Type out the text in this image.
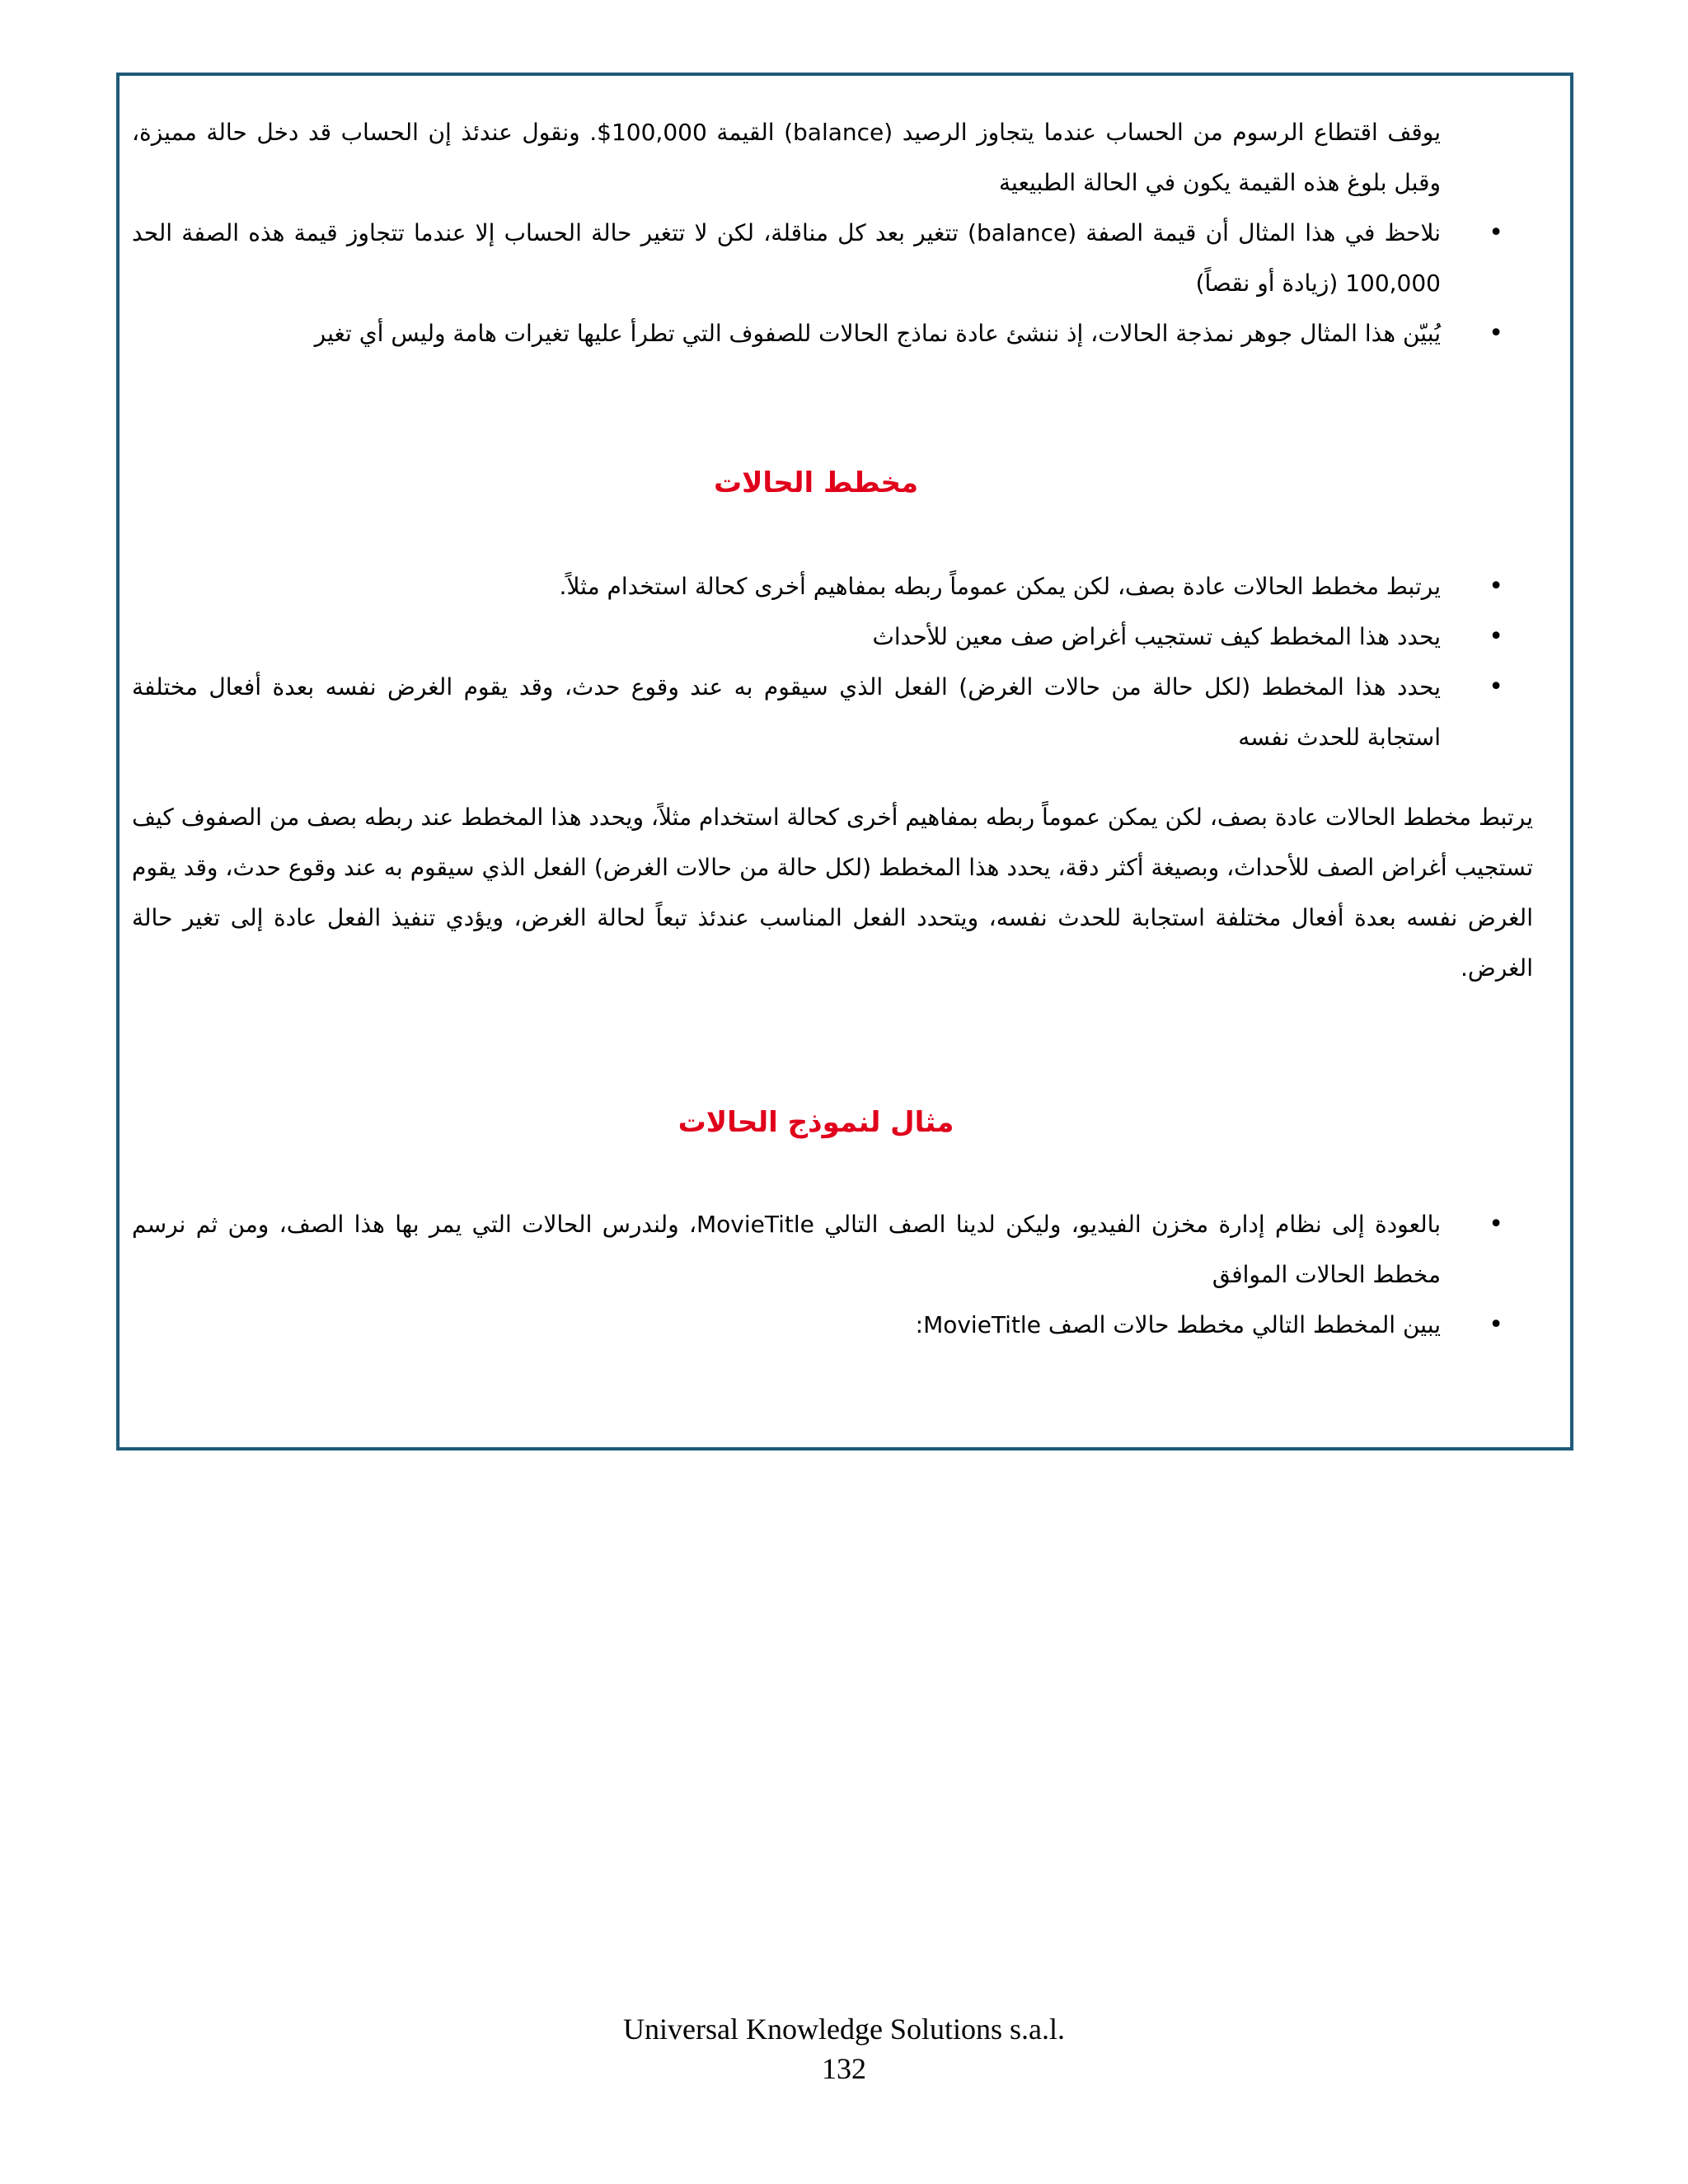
يوقف اقتطاع الرسوم من الحساب عندما يتجاوز الرصيد (balance) القيمة 100,000$. ونقول عندئذ إن الحساب قد دخل حالة مميزة، وقبل بلوغ هذه القيمة يكون في الحالة الطبيعية

• نلاحظ في هذا المثال أن قيمة الصفة (balance) تتغير بعد كل مناقلة، لكن لا تتغير حالة الحساب إلا عندما تتجاوز قيمة هذه الصفة الحد 100,000 (زيادة أو نقصاً)
• يُبيّن هذا المثال جوهر نمذجة الحالات، إذ ننشئ عادة نماذج الحالات للصفوف التي تطرأ عليها تغيرات هامة وليس أي تغير
مخطط الحالات
• يرتبط مخطط الحالات عادة بصف، لكن يمكن عموماً ربطه بمفاهيم أخرى كحالة استخدام مثلاً.
• يحدد هذا المخطط كيف تستجيب أغراض صف معين للأحداث
• يحدد هذا المخطط (لكل حالة من حالات الغرض) الفعل الذي سيقوم به عند وقوع حدث، وقد يقوم الغرض نفسه بعدة أفعال مختلفة استجابة للحدث نفسه

يرتبط مخطط الحالات عادة بصف، لكن يمكن عموماً ربطه بمفاهيم أخرى كحالة استخدام مثلاً، ويحدد هذا المخطط عند ربطه بصف من الصفوف كيف تستجيب أغراض الصف للأحداث، وبصيغة أكثر دقة، يحدد هذا المخطط (لكل حالة من حالات الغرض) الفعل الذي سيقوم به عند وقوع حدث، وقد يقوم الغرض نفسه بعدة أفعال مختلفة استجابة للحدث نفسه، ويتحدد الفعل المناسب عندئذ تبعاً لحالة الغرض، ويؤدي تنفيذ الفعل عادة إلى تغير حالة الغرض.

مثال لنموذج الحالات
• بالعودة إلى نظام إدارة مخزن الفيديو، وليكن لدينا الصف التالي MovieTitle، ولندرس الحالات التي يمر بها هذا الصف، ومن ثم نرسم مخطط الحالات الموافق
• يبين المخطط التالي مخطط حالات الصف MovieTitle:
Universal Knowledge Solutions s.a.l.
132
